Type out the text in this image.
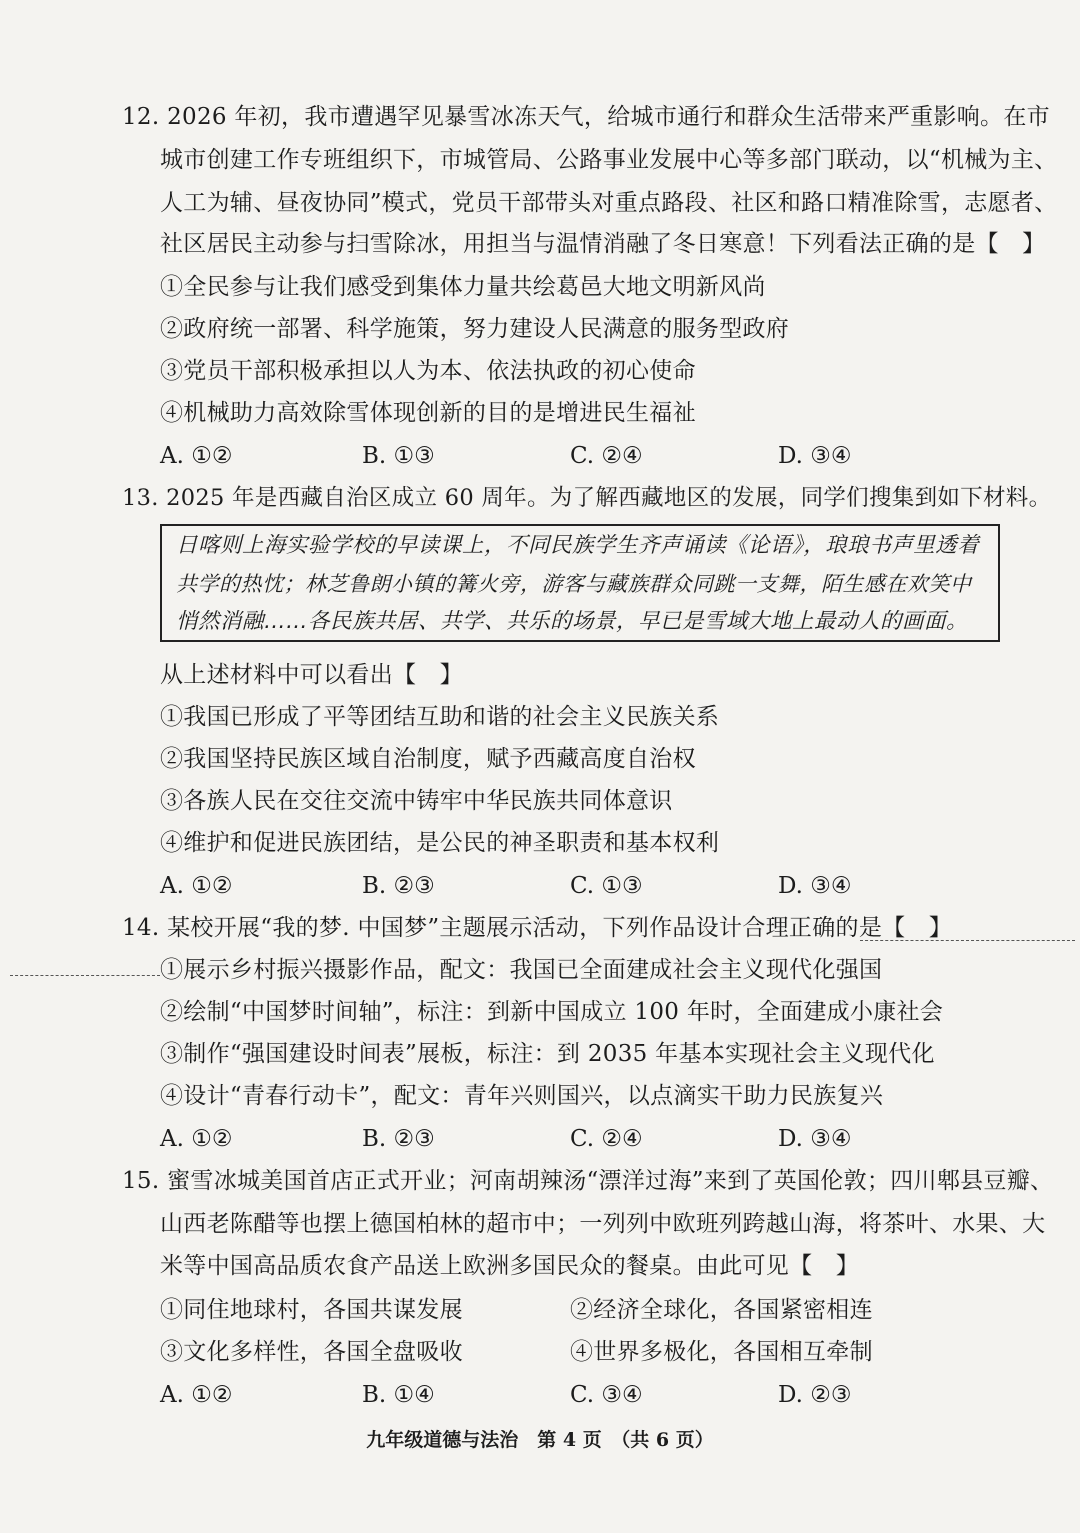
12. 2026 年初，我市遭遇罕见暴雪冰冻天气，给城市通行和群众生活带来严重影响。在市
城市创建工作专班组织下，市城管局、公路事业发展中心等多部门联动，以“机械为主、
人工为辅、昼夜协同”模式，党员干部带头对重点路段、社区和路口精准除雪，志愿者、
社区居民主动参与扫雪除冰，用担当与温情消融了冬日寒意！下列看法正确的是【　】
①全民参与让我们感受到集体力量共绘葛邑大地文明新风尚
②政府统一部署、科学施策，努力建设人民满意的服务型政府
③党员干部积极承担以人为本、依法执政的初心使命
④机械助力高效除雪体现创新的目的是增进民生福祉
A. ①②	B. ①③	C. ②④	D. ③④
13. 2025 年是西藏自治区成立 60 周年。为了解西藏地区的发展，同学们搜集到如下材料。
日喀则上海实验学校的早读课上，不同民族学生齐声诵读《论语》，琅琅书声里透着
共学的热忱；林芝鲁朗小镇的篝火旁，游客与藏族群众同跳一支舞，陌生感在欢笑中
悄然消融……各民族共居、共学、共乐的场景，早已是雪域大地上最动人的画面。
从上述材料中可以看出【　】
①我国已形成了平等团结互助和谐的社会主义民族关系
②我国坚持民族区域自治制度，赋予西藏高度自治权
③各族人民在交往交流中铸牢中华民族共同体意识
④维护和促进民族团结，是公民的神圣职责和基本权利
A. ①②	B. ②③	C. ①③	D. ③④
14. 某校开展“我的梦. 中国梦”主题展示活动，下列作品设计合理正确的是【　】
①展示乡村振兴摄影作品，配文：我国已全面建成社会主义现代化强国
②绘制“中国梦时间轴”，标注：到新中国成立 100 年时，全面建成小康社会
③制作“强国建设时间表”展板，标注：到 2035 年基本实现社会主义现代化
④设计“青春行动卡”，配文：青年兴则国兴，以点滴实干助力民族复兴
A. ①②	B. ②③	C. ②④	D. ③④
15. 蜜雪冰城美国首店正式开业；河南胡辣汤“漂洋过海”来到了英国伦敦；四川郫县豆瓣、
山西老陈醋等也摆上德国柏林的超市中；一列列中欧班列跨越山海，将茶叶、水果、大
米等中国高品质农食产品送上欧洲多国民众的餐桌。由此可见【　】
①同住地球村，各国共谋发展	②经济全球化，各国紧密相连
③文化多样性，各国全盘吸收	④世界多极化，各国相互牵制
A. ①②	B. ①④	C. ③④	D. ②③
九年级道德与法治　第 4 页　（共 6 页）
